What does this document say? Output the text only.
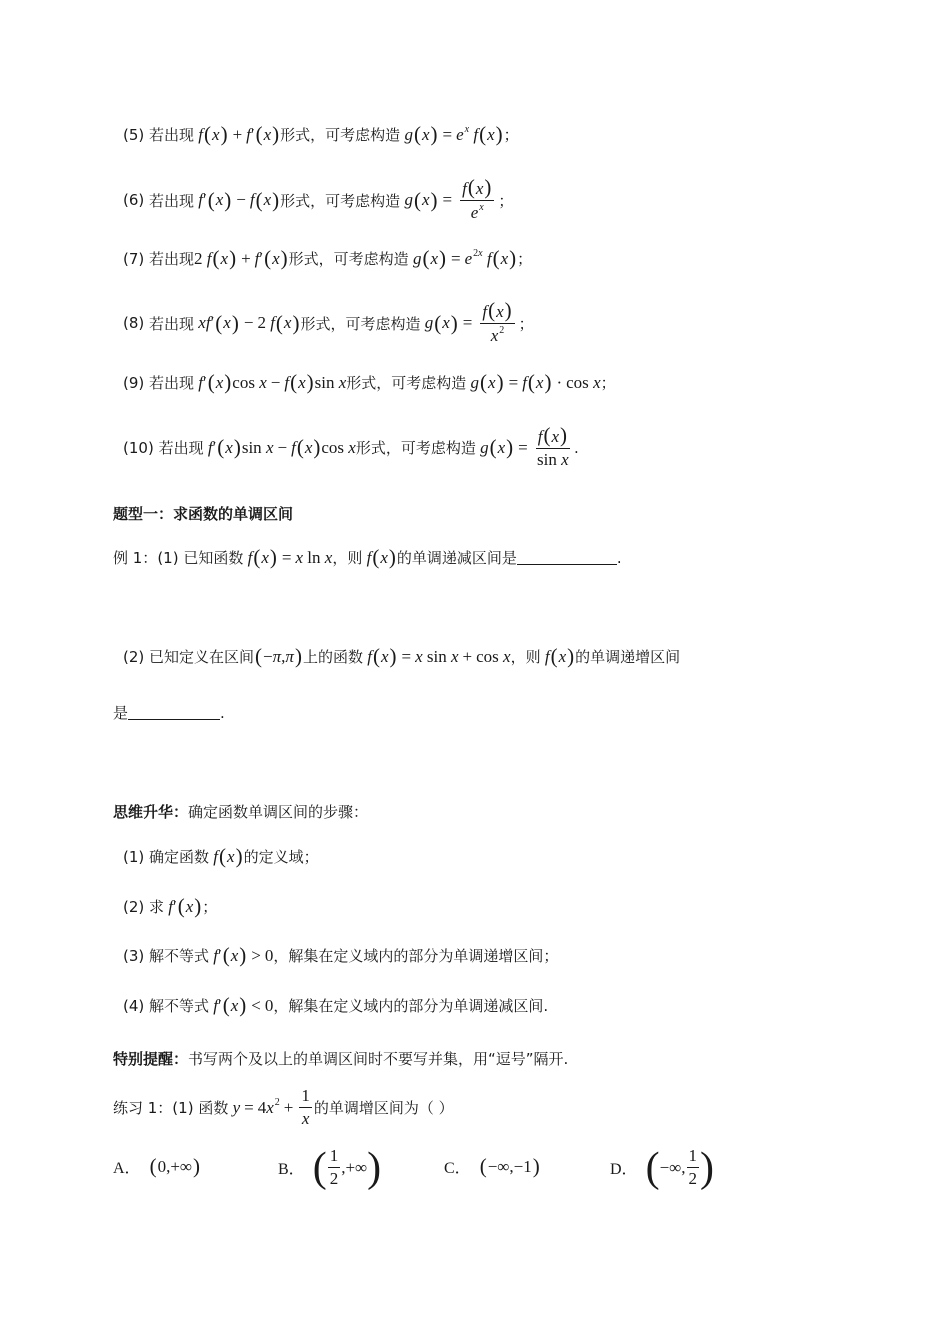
(5)
若出现 f ( x ) + f ′ ( x ) 形式，可考虑构造 g ( x ) = $e^x$ f ( x ) ；
(6)
若出现 f ′ ( x ) − f ( x ) 形式，可考虑构造 g ( x ) = $\frac{f(x)}{e^x}$ ；
(7)
若出现 2 f ( x ) + f ′ ( x ) 形式，可考虑构造 g ( x ) = $e^{2x}$ f ( x ) ；
(8)
若出现 xf ′ ( x ) − 2 f ( x ) 形式，可考虑构造 g ( x ) = $\frac{f(x)}{x^2}$ ；
(9)
若出现 f ′ ( x ) cos x − f ( x ) sin x 形式，可考虑构造 g ( x ) = f ( x ) · cos x ；
(10)
若出现 f ′ ( x ) sin x − f ( x ) cos x 形式，可考虑构造 g ( x ) = $\frac{f(x)}{\text{sin x}}$ .
题型一：求函数的单调区间
例 1： (1)
已知函数 f ( x ) = x ln x ，则 f ( x ) 的单调递减区间是	.
(2)
已知定义在区间 ( − π , π ) 上的函数 f ( x ) = x sin x + cos x ，则 f ( x ) 的单调递增区间
是	.
思维升华： 确定函数单调区间的步骤：
(1)
确定函数 f ( x ) 的定义域；
(2)
求 f ′ ( x ) ；
(3)
解不等式 f ′ ( x ) > 0 ，解集在定义域内的部分为单调递增区间；
(4)
解不等式 f ′ ( x ) < 0 ，解集在定义域内的部分为单调递减区间.
特别提醒： 书写两个及以上的单调区间时不要写并集，用“逗号”隔开.
练习 1：(1) 函数 y = 4 $x^2 + \frac{1}{x}$ 的单调增区间为（ ）
A． ( 0,+∞ )	B． ( $\frac{1}{2}$ ,+∞ )	C． ( −∞,−1 )	D． ( −∞, $\frac{1}{2}$ )
